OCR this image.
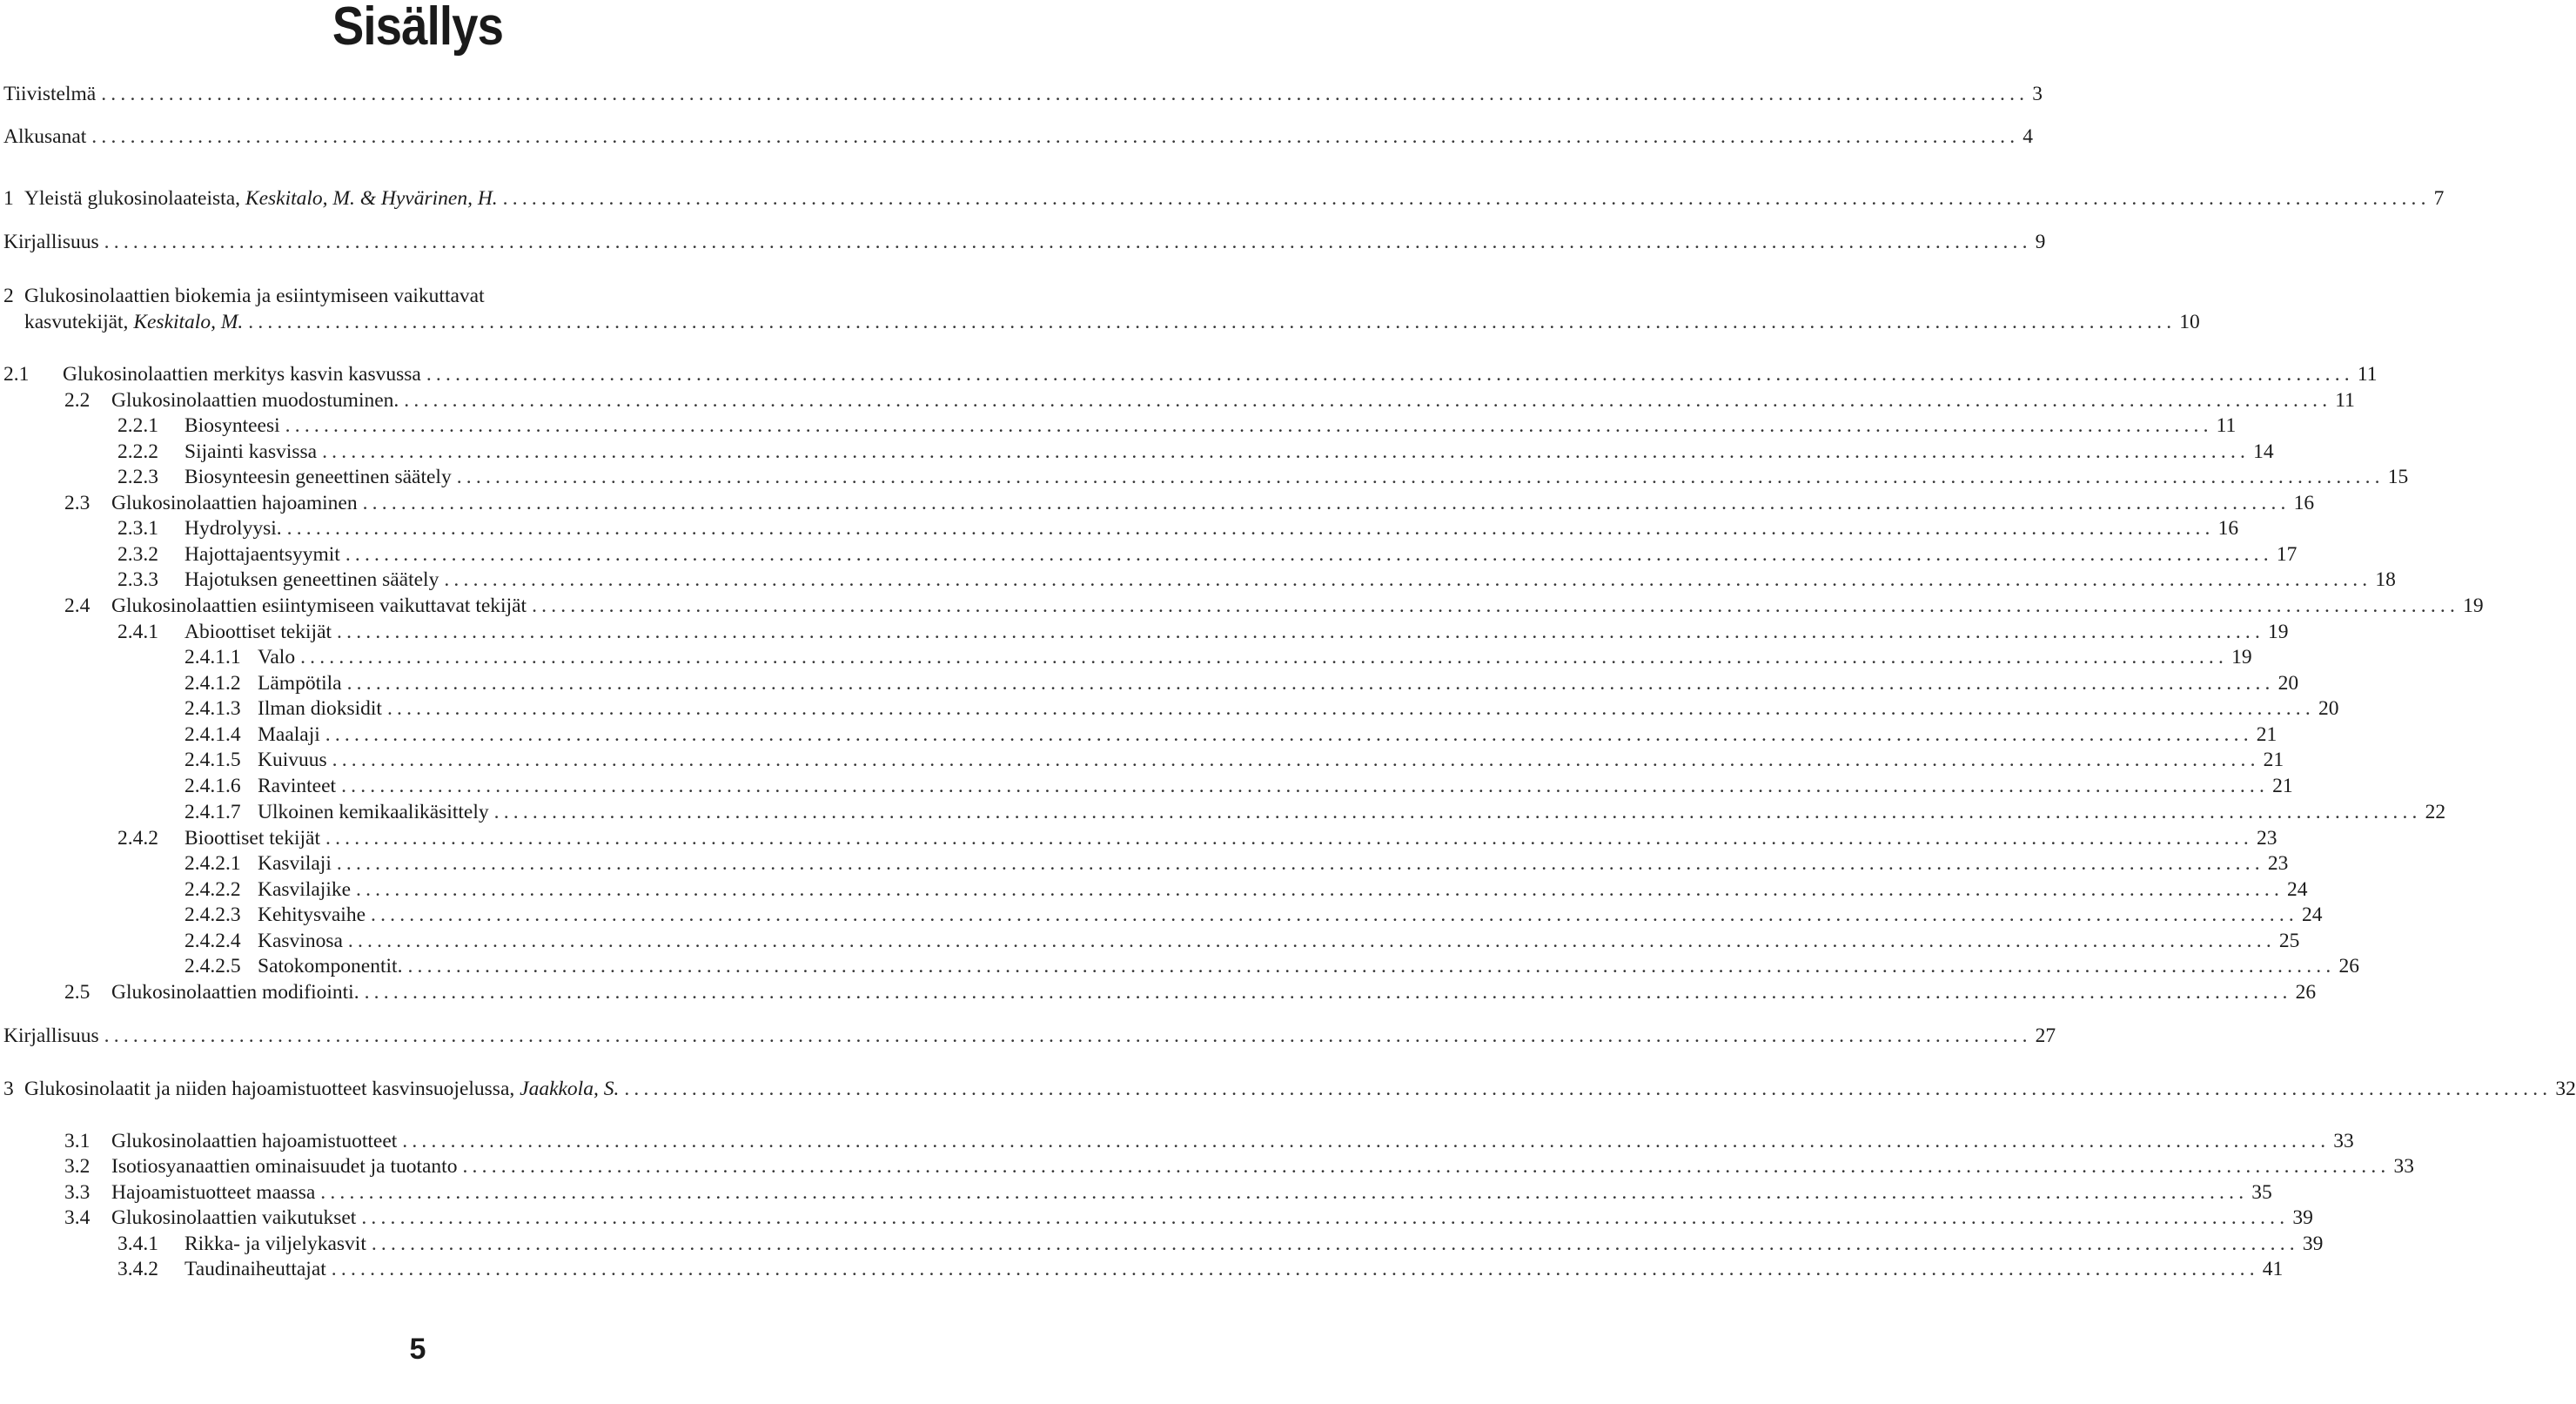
Sisällys
Tiivistelmä ........................................................................................................................................................................................................ 3
Alkusanat ........................................................................................................................................................................................................ 4
1 Yleistä glukosinolaateista, Keskitalo, M. & Hyvärinen, H. ........................................................................................................................................................................................................ 7
Kirjallisuus ........................................................................................................................................................................................................ 9
2 Glukosinolaattien biokemia ja esiintymiseen vaikuttavat
kasvutekijät, Keskitalo, M. ........................................................................................................................................................................................................ 10
2.1 Glukosinolaattien merkitys kasvin kasvussa ........................................................................................................................................................................................................ 11
2.2 Glukosinolaattien muodostuminen. ........................................................................................................................................................................................................ 11
2.2.1 Biosynteesi ........................................................................................................................................................................................................ 11
2.2.2 Sijainti kasvissa ........................................................................................................................................................................................................ 14
2.2.3 Biosynteesin geneettinen säätely ........................................................................................................................................................................................................ 15
2.3 Glukosinolaattien hajoaminen ........................................................................................................................................................................................................ 16
2.3.1 Hydrolyysi. ........................................................................................................................................................................................................ 16
2.3.2 Hajottajaentsyymit ........................................................................................................................................................................................................ 17
2.3.3 Hajotuksen geneettinen säätely ........................................................................................................................................................................................................ 18
2.4 Glukosinolaattien esiintymiseen vaikuttavat tekijät ........................................................................................................................................................................................................ 19
2.4.1 Abioottiset tekijät ........................................................................................................................................................................................................ 19
2.4.1.1 Valo ........................................................................................................................................................................................................ 19
2.4.1.2 Lämpötila ........................................................................................................................................................................................................ 20
2.4.1.3 Ilman dioksidit ........................................................................................................................................................................................................ 20
2.4.1.4 Maalaji ........................................................................................................................................................................................................ 21
2.4.1.5 Kuivuus ........................................................................................................................................................................................................ 21
2.4.1.6 Ravinteet ........................................................................................................................................................................................................ 21
2.4.1.7 Ulkoinen kemikaalikäsittely ........................................................................................................................................................................................................ 22
2.4.2 Bioottiset tekijät ........................................................................................................................................................................................................ 23
2.4.2.1 Kasvilaji ........................................................................................................................................................................................................ 23
2.4.2.2 Kasvilajike ........................................................................................................................................................................................................ 24
2.4.2.3 Kehitysvaihe ........................................................................................................................................................................................................ 24
2.4.2.4 Kasvinosa ........................................................................................................................................................................................................ 25
2.4.2.5 Satokomponentit. ........................................................................................................................................................................................................ 26
2.5 Glukosinolaattien modifiointi. ........................................................................................................................................................................................................ 26
Kirjallisuus ........................................................................................................................................................................................................ 27
3 Glukosinolaatit ja niiden hajoamistuotteet kasvinsuojelussa, Jaakkola, S. ........................................................................................................................................................................................................ 32
3.1 Glukosinolaattien hajoamistuotteet ........................................................................................................................................................................................................ 33
3.2 Isotiosyanaattien ominaisuudet ja tuotanto ........................................................................................................................................................................................................ 33
3.3 Hajoamistuotteet maassa ........................................................................................................................................................................................................ 35
3.4 Glukosinolaattien vaikutukset ........................................................................................................................................................................................................ 39
3.4.1 Rikka- ja viljelykasvit ........................................................................................................................................................................................................ 39
3.4.2 Taudinaiheuttajat ........................................................................................................................................................................................................ 41
5
